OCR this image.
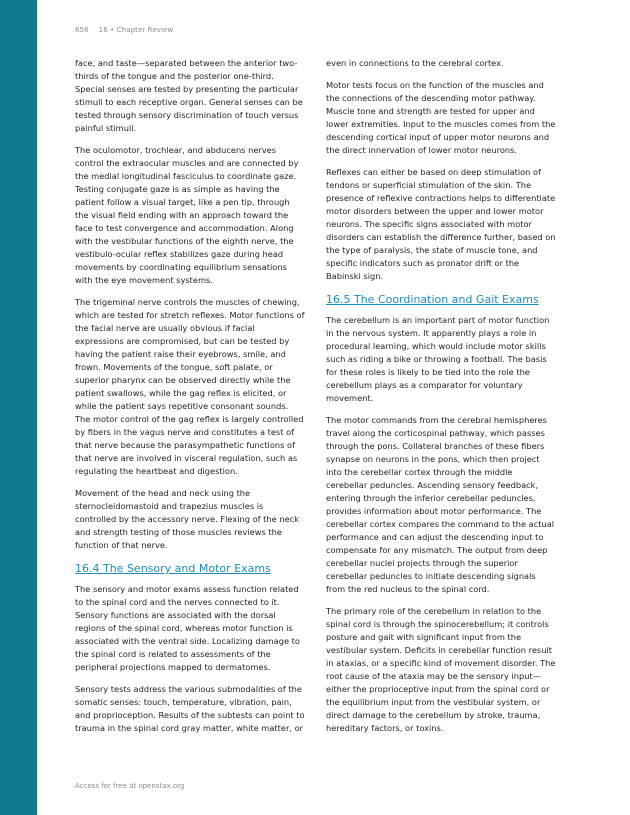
656 16 • Chapter Review

face, and taste—separated between the anterior two-thirds of the tongue and the posterior one-third. Special senses are tested by presenting the particular stimuli to each receptive organ. General senses can be tested through sensory discrimination of touch versus painful stimuli.

The oculomotor, trochlear, and abducens nerves control the extraocular muscles and are connected by the medial longitudinal fasciculus to coordinate gaze. Testing conjugate gaze is as simple as having the patient follow a visual target, like a pen tip, through the visual field ending with an approach toward the face to test convergence and accommodation. Along with the vestibular functions of the eighth nerve, the vestibulo-ocular reflex stabilizes gaze during head movements by coordinating equilibrium sensations with the eye movement systems.

The trigeminal nerve controls the muscles of chewing, which are tested for stretch reflexes. Motor functions of the facial nerve are usually obvious if facial expressions are compromised, but can be tested by having the patient raise their eyebrows, smile, and frown. Movements of the tongue, soft palate, or superior pharynx can be observed directly while the patient swallows, while the gag reflex is elicited, or while the patient says repetitive consonant sounds. The motor control of the gag reflex is largely controlled by fibers in the vagus nerve and constitutes a test of that nerve because the parasympathetic functions of that nerve are involved in visceral regulation, such as regulating the heartbeat and digestion.

Movement of the head and neck using the sternocleidomastoid and trapezius muscles is controlled by the accessory nerve. Flexing of the neck and strength testing of those muscles reviews the function of that nerve.

16.4 The Sensory and Motor Exams

The sensory and motor exams assess function related to the spinal cord and the nerves connected to it. Sensory functions are associated with the dorsal regions of the spinal cord, whereas motor function is associated with the ventral side. Localizing damage to the spinal cord is related to assessments of the peripheral projections mapped to dermatomes.

Sensory tests address the various submodalities of the somatic senses: touch, temperature, vibration, pain, and proprioception. Results of the subtests can point to trauma in the spinal cord gray matter, white matter, or

even in connections to the cerebral cortex.

Motor tests focus on the function of the muscles and the connections of the descending motor pathway. Muscle tone and strength are tested for upper and lower extremities. Input to the muscles comes from the descending cortical input of upper motor neurons and the direct innervation of lower motor neurons.

Reflexes can either be based on deep stimulation of tendons or superficial stimulation of the skin. The presence of reflexive contractions helps to differentiate motor disorders between the upper and lower motor neurons. The specific signs associated with motor disorders can establish the difference further, based on the type of paralysis, the state of muscle tone, and specific indicators such as pronator drift or the Babinski sign.

16.5 The Coordination and Gait Exams

The cerebellum is an important part of motor function in the nervous system. It apparently plays a role in procedural learning, which would include motor skills such as riding a bike or throwing a football. The basis for these roles is likely to be tied into the role the cerebellum plays as a comparator for voluntary movement.

The motor commands from the cerebral hemispheres travel along the corticospinal pathway, which passes through the pons. Collateral branches of these fibers synapse on neurons in the pons, which then project into the cerebellar cortex through the middle cerebellar peduncles. Ascending sensory feedback, entering through the inferior cerebellar peduncles, provides information about motor performance. The cerebellar cortex compares the command to the actual performance and can adjust the descending input to compensate for any mismatch. The output from deep cerebellar nuclei projects through the superior cerebellar peduncles to initiate descending signals from the red nucleus to the spinal cord.

The primary role of the cerebellum in relation to the spinal cord is through the spinocerebellum; it controls posture and gait with significant input from the vestibular system. Deficits in cerebellar function result in ataxias, or a specific kind of movement disorder. The root cause of the ataxia may be the sensory input—either the proprioceptive input from the spinal cord or the equilibrium input from the vestibular system, or direct damage to the cerebellum by stroke, trauma, hereditary factors, or toxins.

Access for free at openstax.org
